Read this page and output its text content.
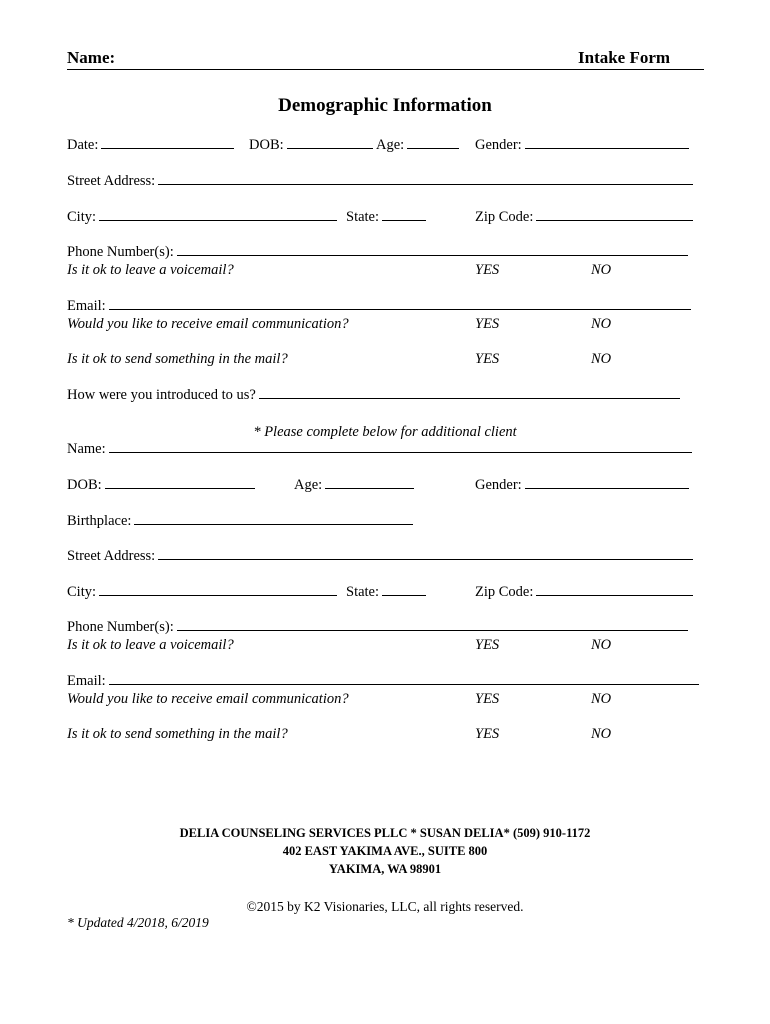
Name:	Intake Form
Demographic Information
Date:	DOB:	Age:	Gender:
Street Address:
City:	State:	Zip Code:
Phone Number(s):
Is it ok to leave a voicemail?	YES	NO
Email:
Would you like to receive email communication?	YES	NO
Is it ok to send something in the mail?	YES	NO
How were you introduced to us?
* Please complete below for additional client
Name:
DOB:	Age:	Gender:
Birthplace:
Street Address:
City:	State:	Zip Code:
Phone Number(s):
Is it ok to leave a voicemail?	YES	NO
Email:
Would you like to receive email communication?	YES	NO
Is it ok to send something in the mail?	YES	NO
DELIA COUNSELING SERVICES PLLC * SUSAN DELIA* (509) 910-1172
402 EAST YAKIMA AVE., SUITE 800
YAKIMA, WA 98901
©2015 by K2 Visionaries, LLC, all rights reserved.
* Updated 4/2018, 6/2019
